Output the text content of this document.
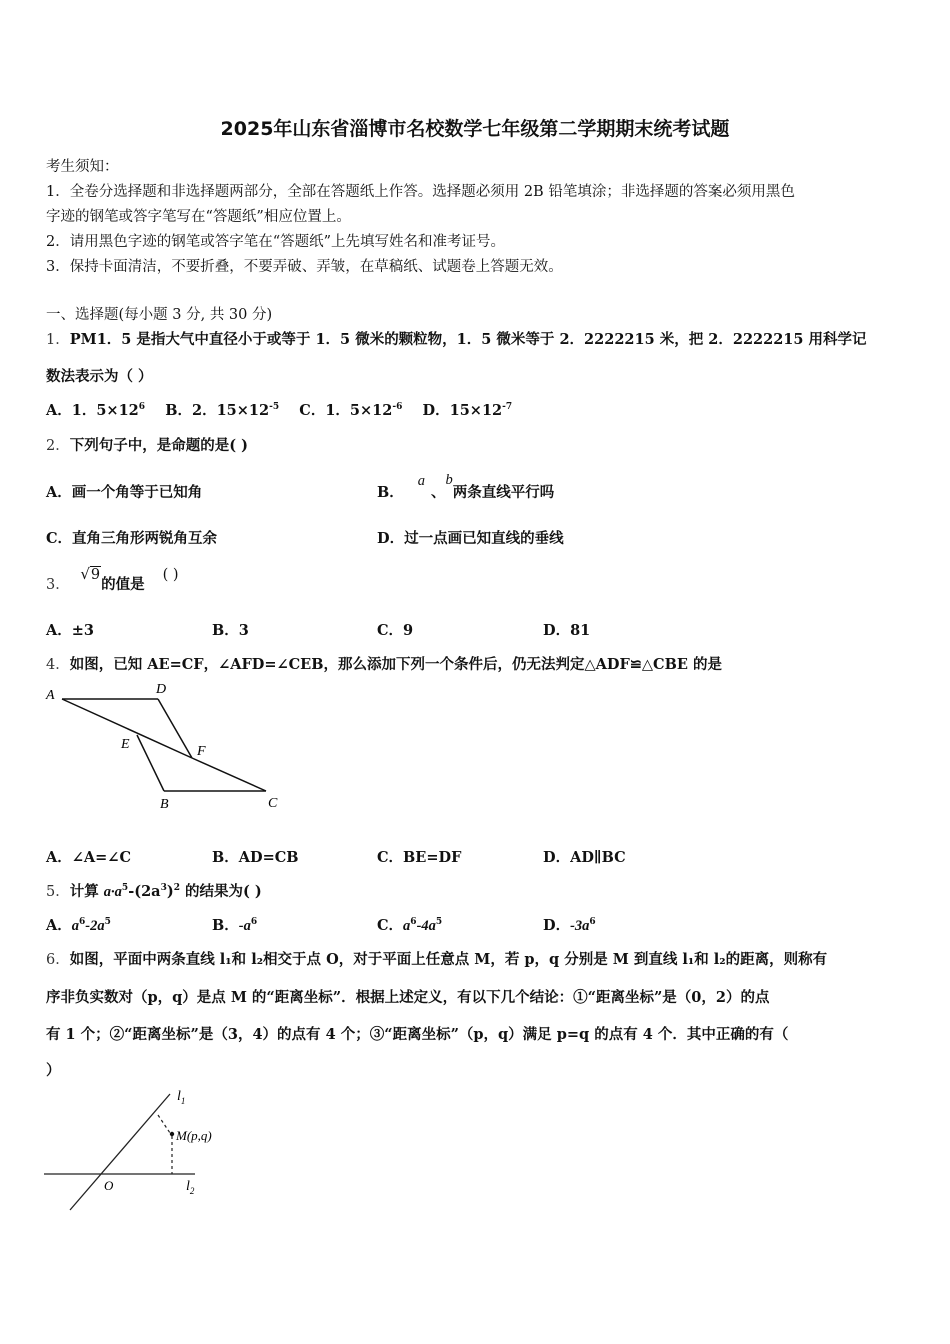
2025年山东省淄博市名校数学七年级第二学期期末统考试题
考生须知：
1．全卷分选择题和非选择题两部分，全部在答题纸上作答。选择题必须用 2B 铅笔填涂；非选择题的答案必须用黑色
字迹的钢笔或答字笔写在“答题纸”相应位置上。
2．请用黑色字迹的钢笔或答字笔在“答题纸”上先填写姓名和准考证号。
3．保持卡面清洁，不要折叠，不要弄破、弄皱，在草稿纸、试题卷上答题无效。
一、选择题(每小题 3 分, 共 30 分)
1．PM1．5 是指大气中直径小于或等于 1．5 微米的颗粒物，1．5 微米等于 2．2222215 米，把 2．2222215 用科学记
数法表示为（ ）
A．1．$5\times 12^6$ B．2．$15\times 12^{-5}$ C．1．$5\times 12^{-6}$ D．$15\times 12^{-7}$
2．下列句子中，是命题的是( )
A．画一个角等于已知角	B．a、b两条直线平行吗
C．直角三角形两锐角互余	D．过一点画已知直线的垂线
3． √9的值是( )
A．±3	B．3	C．9	D．81
4．如图，已知 AE=CF，∠AFD=∠CEB，那么添加下列一个条件后，仍无法判定△ADF≌△CBE 的是
A	D
E	F
B	C
A．∠A=∠C	B．AD=CB	C．BE=DF	D．AD∥BC
5．计算 $a\cdot a^5-(2a^3)^2$ 的结果为( )
A．$a^6-2a^5$	B．$-a^6$	C．$a^6-4a^5$	D．$-3a^6$
6．如图，平面中两条直线 l₁和 l₂相交于点 O，对于平面上任意点 M，若 p，q 分别是 M 到直线 l₁和 l₂的距离，则称有
序非负实数对（p，q）是点 M 的“距离坐标”．根据上述定义，有以下几个结论：①“距离坐标”是（0，2）的点
有 1 个；②“距离坐标”是（3，4）的点有 4 个；③“距离坐标”（p，q）满足 p=q 的点有 4 个．其中正确的有（
）
$l_1$
M(p,q)
O	$l_2$
